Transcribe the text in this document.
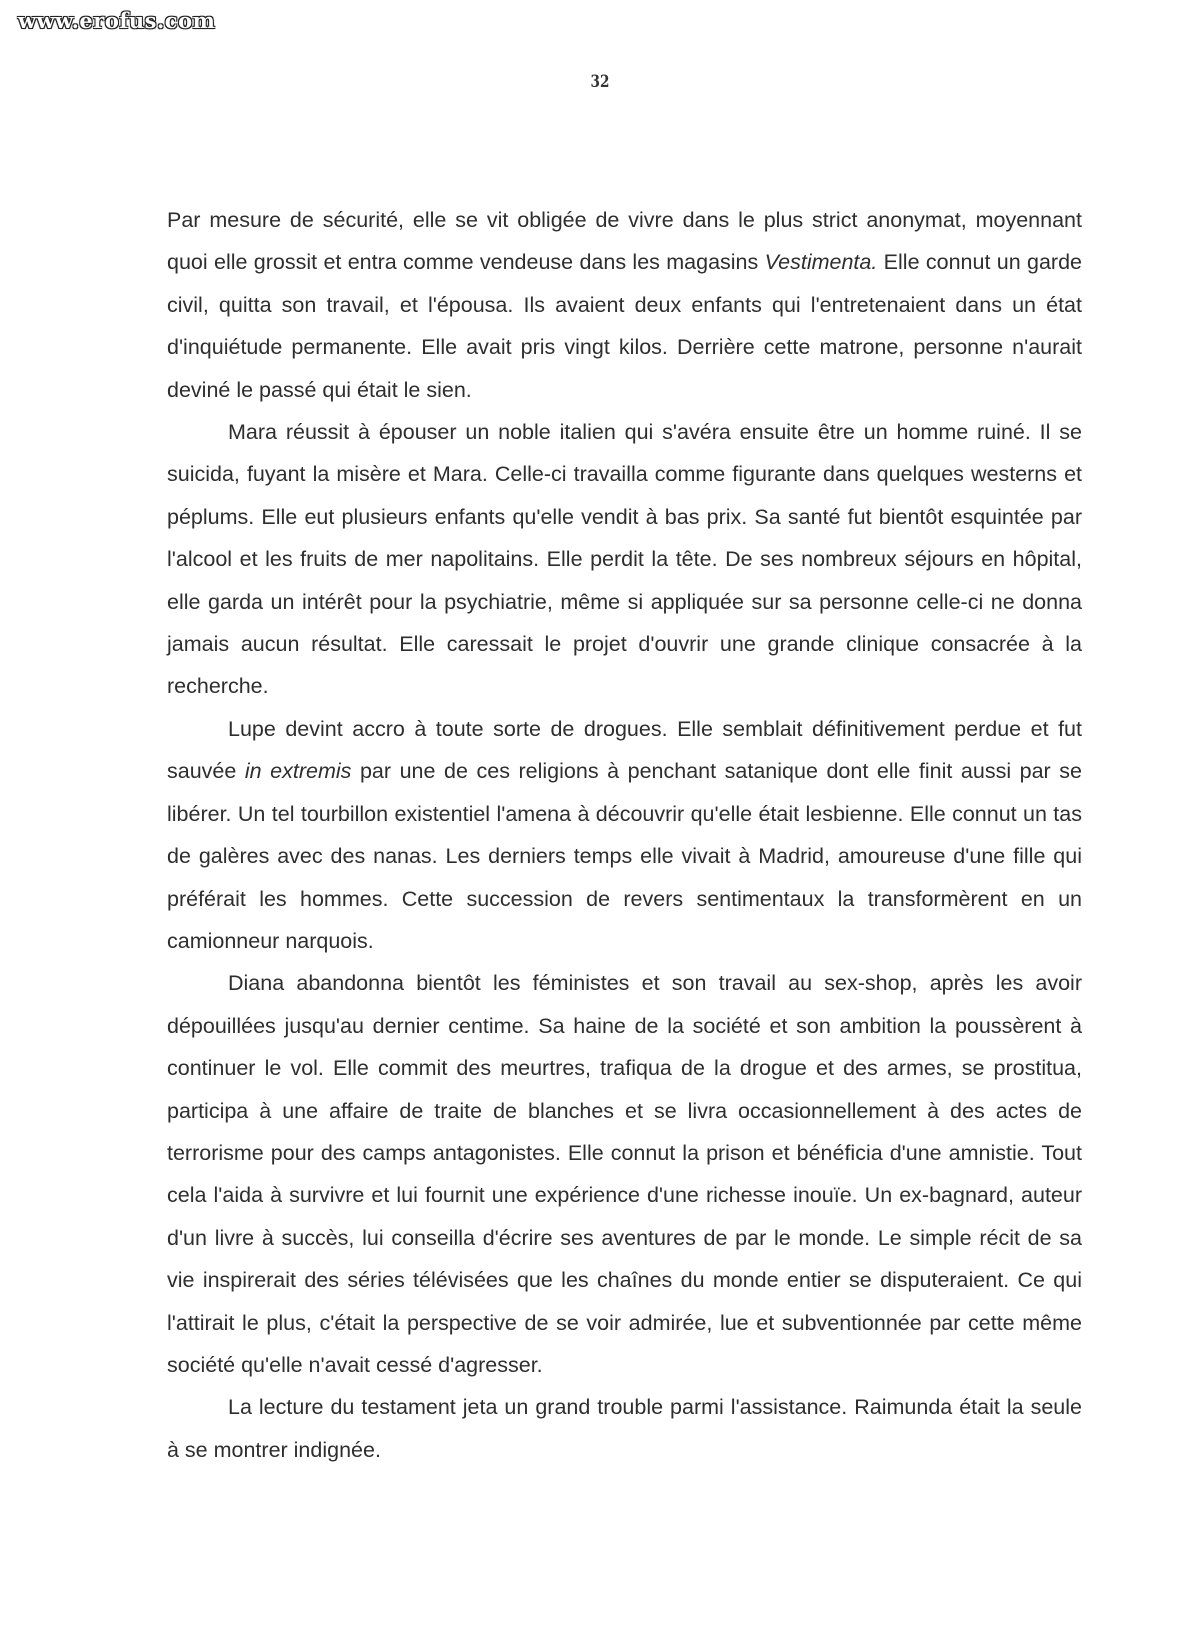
www.erofus.com
32

Par mesure de sécurité, elle se vit obligée de vivre dans le plus strict anonymat, moyennant quoi elle grossit et entra comme vendeuse dans les magasins Vestimenta. Elle connut un garde civil, quitta son travail, et l'épousa. Ils avaient deux enfants qui l'entretenaient dans un état d'inquiétude permanente. Elle avait pris vingt kilos. Derrière cette matrone, personne n'aurait deviné le passé qui était le sien.

Mara réussit à épouser un noble italien qui s'avéra ensuite être un homme ruiné. Il se suicida, fuyant la misère et Mara. Celle-ci travailla comme figurante dans quelques westerns et péplums. Elle eut plusieurs enfants qu'elle vendit à bas prix. Sa santé fut bientôt esquintée par l'alcool et les fruits de mer napolitains. Elle perdit la tête. De ses nombreux séjours en hôpital, elle garda un intérêt pour la psychiatrie, même si appliquée sur sa personne celle-ci ne donna jamais aucun résultat. Elle caressait le projet d'ouvrir une grande clinique consacrée à la recherche.

Lupe devint accro à toute sorte de drogues. Elle semblait définitivement perdue et fut sauvée in extremis par une de ces religions à penchant satanique dont elle finit aussi par se libérer. Un tel tourbillon existentiel l'amena à découvrir qu'elle était lesbienne. Elle connut un tas de galères avec des nanas. Les derniers temps elle vivait à Madrid, amoureuse d'une fille qui préférait les hommes. Cette succession de revers sentimentaux la transformèrent en un camionneur narquois.

Diana abandonna bientôt les féministes et son travail au sex-shop, après les avoir dépouillées jusqu'au dernier centime. Sa haine de la société et son ambition la poussèrent à continuer le vol. Elle commit des meurtres, trafiqua de la drogue et des armes, se prostitua, participa à une affaire de traite de blanches et se livra occasionnellement à des actes de terrorisme pour des camps antagonistes. Elle connut la prison et bénéficia d'une amnistie. Tout cela l'aida à survivre et lui fournit une expérience d'une richesse inouïe. Un ex-bagnard, auteur d'un livre à succès, lui conseilla d'écrire ses aventures de par le monde. Le simple récit de sa vie inspirerait des séries télévisées que les chaînes du monde entier se disputeraient. Ce qui l'attirait le plus, c'était la perspective de se voir admirée, lue et subventionnée par cette même société qu'elle n'avait cessé d'agresser.

La lecture du testament jeta un grand trouble parmi l'assistance. Raimunda était la seule à se montrer indignée.
